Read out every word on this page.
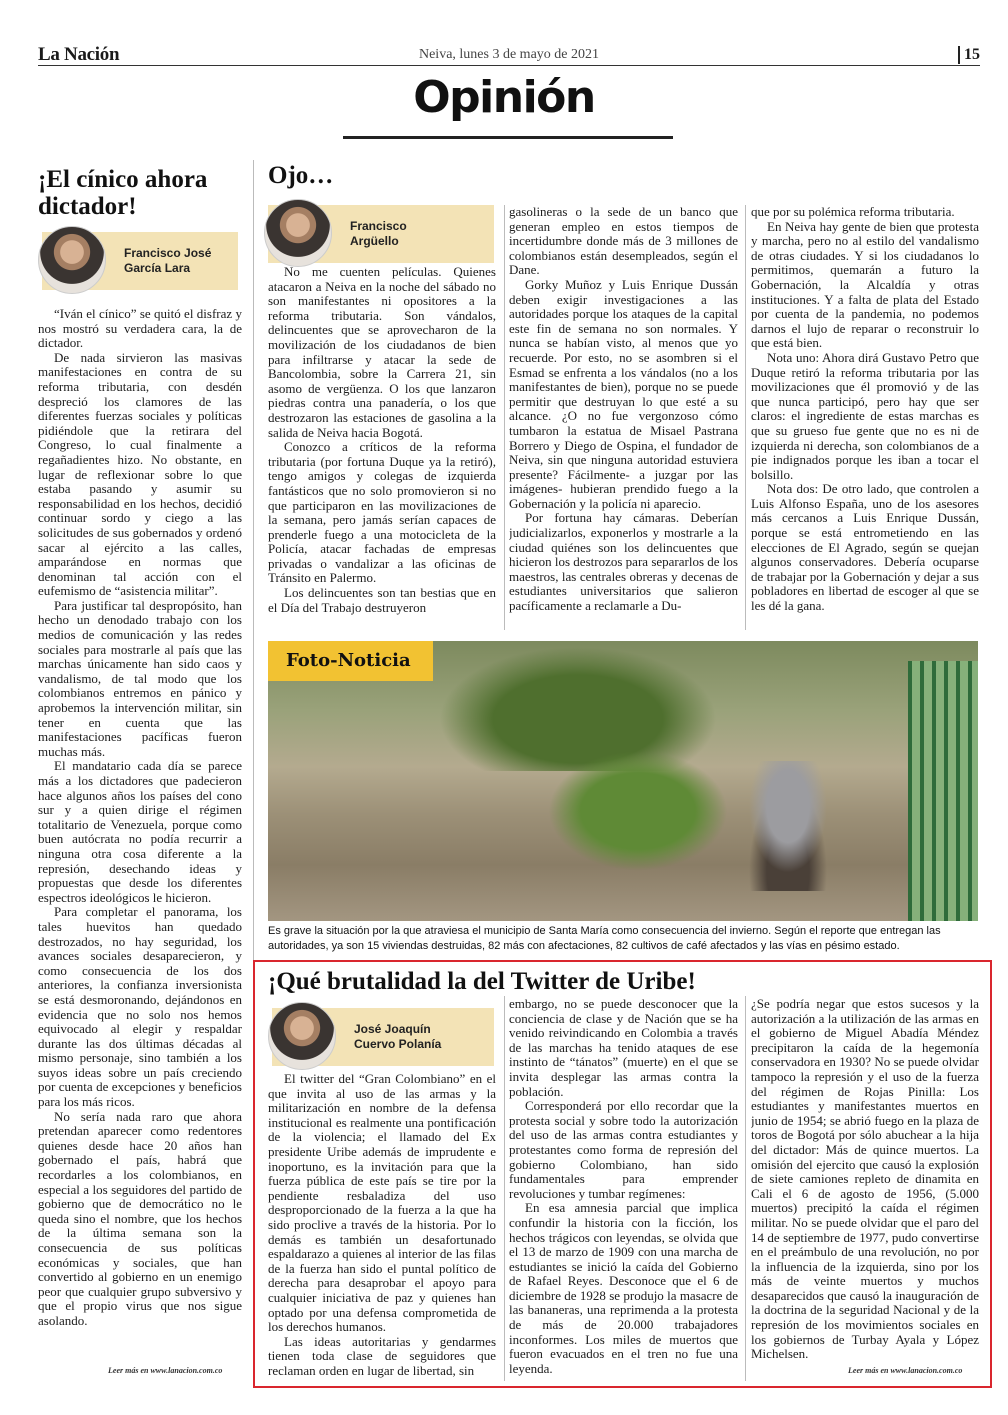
La Nación	Neiva, lunes 3 de mayo de 2021	15
Opinión
¡El cínico ahora dictador!
Francisco José
García Lara

“Iván el cínico” se quitó el disfraz y nos mostró su verdadera cara, la de dictador.

De nada sirvieron las masivas manifestaciones en contra de su reforma tributaria, con desdén despreció los clamores de las diferentes fuerzas sociales y políticas pidiéndole que la retirara del Congreso, lo cual finalmente a regañadientes hizo. No obstante, en lugar de reflexionar sobre lo que estaba pasando y asumir su responsabilidad en los hechos, decidió continuar sordo y ciego a las solicitudes de sus gobernados y ordenó sacar al ejército a las calles, amparándose en normas que denominan tal acción con el eufemismo de “asistencia militar”.

Para justificar tal despropósito, han hecho un denodado trabajo con los medios de comunicación y las redes sociales para mostrarle al país que las marchas únicamente han sido caos y vandalismo, de tal modo que los colombianos entremos en pánico y aprobemos la intervención militar, sin tener en cuenta que las manifestaciones pacíficas fueron muchas más.

El mandatario cada día se parece más a los dictadores que padecieron hace algunos años los países del cono sur y a quien dirige el régimen totalitario de Venezuela, porque como buen autócrata no podía recurrir a ninguna otra cosa diferente a la represión, desechando ideas y propuestas que desde los diferentes espectros ideológicos le hicieron.

Para completar el panorama, los tales huevitos han quedado destrozados, no hay seguridad, los avances sociales desaparecieron, y como consecuencia de los dos anteriores, la confianza inversionista se está desmoronando, dejándonos en evidencia que no solo nos hemos equivocado al elegir y respaldar durante las dos últimas décadas al mismo personaje, sino también a los suyos ideas sobre un país creciendo por cuenta de excepciones y beneficios para los más ricos.

No sería nada raro que ahora pretendan aparecer como redentores quienes desde hace 20 años han gobernado el país, habrá que recordarles a los colombianos, en especial a los seguidores del partido de gobierno que de democrático no le queda sino el nombre, que los hechos de la última semana son la consecuencia de sus políticas económicas y sociales, que han convertido al gobierno en un enemigo peor que cualquier grupo subversivo y que el propio virus que nos sigue asolando.

Leer más en www.lanacion.com.co
Ojo…
Francisco
Argüello

No me cuenten películas. Quienes atacaron a Neiva en la noche del sábado no son manifestantes ni opositores a la reforma tributaria. Son vándalos, delincuentes que se aprovecharon de la movilización de los ciudadanos de bien para infiltrarse y atacar la sede de Bancolombia, sobre la Carrera 21, sin asomo de vergüenza. O los que lanzaron piedras contra una panadería, o los que destrozaron las estaciones de gasolina a la salida de Neiva hacia Bogotá.

Conozco a críticos de la reforma tributaria (por fortuna Duque ya la retiró), tengo amigos y colegas de izquierda fantásticos que no solo promovieron si no que participaron en las movilizaciones de la semana, pero jamás serían capaces de prenderle fuego a una motocicleta de la Policía, atacar fachadas de empresas privadas o vandalizar a las oficinas de Tránsito en Palermo.

Los delincuentes son tan bestias que en el Día del Trabajo destruyeron

gasolineras o la sede de un banco que generan empleo en estos tiempos de incertidumbre donde más de 3 millones de colombianos están desempleados, según el Dane.

Gorky Muñoz y Luis Enrique Dussán deben exigir investigaciones a las autoridades porque los ataques de la capital este fin de semana no son normales. Y nunca se habían visto, al menos que yo recuerde. Por esto, no se asombren si el Esmad se enfrenta a los vándalos (no a los manifestantes de bien), porque no se puede permitir que destruyan lo que esté a su alcance. ¿O no fue vergonzoso cómo tumbaron la estatua de Misael Pastrana Borrero y Diego de Ospina, el fundador de Neiva, sin que ninguna autoridad estuviera presente? Fácilmente- a juzgar por las imágenes- hubieran prendido fuego a la Gobernación y la policía ni aparecio.

Por fortuna hay cámaras. Deberían judicializarlos, exponerlos y mostrarle a la ciudad quiénes son los delincuentes que hicieron los destrozos para separarlos de los maestros, las centrales obreras y decenas de estudiantes universitarios que salieron pacíficamente a reclamarle a Du-

que por su polémica reforma tributaria.

En Neiva hay gente de bien que protesta y marcha, pero no al estilo del vandalismo de otras ciudades. Y si los ciudadanos lo permitimos, quemarán a futuro la Gobernación, la Alcaldía y otras instituciones. Y a falta de plata del Estado por cuenta de la pandemia, no podemos darnos el lujo de reparar o reconstruir lo que está bien.

Nota uno: Ahora dirá Gustavo Petro que Duque retiró la reforma tributaria por las movilizaciones que él promovió y de las que nunca participó, pero hay que ser claros: el ingrediente de estas marchas es que su grueso fue gente que no es ni de izquierda ni derecha, son colombianos de a pie indignados porque les iban a tocar el bolsillo.

Nota dos: De otro lado, que controlen a Luis Alfonso España, uno de los asesores más cercanos a Luis Enrique Dussán, porque se está entrometiendo en las elecciones de El Agrado, según se quejan algunos conservadores. Debería ocuparse de trabajar por la Gobernación y dejar a sus pobladores en libertad de escoger al que se les dé la gana.

Foto-Noticia
Es grave la situación por la que atraviesa el municipio de Santa María como consecuencia del invierno. Según el reporte que entregan las autoridades, ya son 15 viviendas destruidas, 82 más con afectaciones, 82 cultivos de café afectados y las vías en pésimo estado.
¡Qué brutalidad la del Twitter de Uribe!
José Joaquín
Cuervo Polanía

El twitter del “Gran Colombiano” en el que invita al uso de las armas y la militarización en nombre de la defensa institucional es realmente una pontificación de la violencia; el llamado del Ex presidente Uribe además de imprudente e inoportuno, es la invitación para que la fuerza pública de este país se tire por la pendiente resbaladiza del uso desproporcionado de la fuerza a la que ha sido proclive a través de la historia. Por lo demás es también un desafortunado espaldarazo a quienes al interior de las filas de la fuerza han sido el puntal político de derecha para desaprobar el apoyo para cualquier iniciativa de paz y quienes han optado por una defensa comprometida de los derechos humanos.

Las ideas autoritarias y gendarmes tienen toda clase de seguidores que reclaman orden en lugar de libertad, sin

embargo, no se puede desconocer que la conciencia de clase y de Nación que se ha venido reivindicando en Colombia a través de las marchas ha tenido ataques de ese instinto de “tánatos” (muerte) en el que se invita desplegar las armas contra la población.

Corresponderá por ello recordar que la protesta social y sobre todo la autorización del uso de las armas contra estudiantes y protestantes como forma de represión del gobierno Colombiano, han sido fundamentales para emprender revoluciones y tumbar regímenes:

En esa amnesia parcial que implica confundir la historia con la ficción, los hechos trágicos con leyendas, se olvida que el 13 de marzo de 1909 con una marcha de estudiantes se inició la caída del Gobierno de Rafael Reyes. Desconoce que el 6 de diciembre de 1928 se produjo la masacre de las bananeras, una reprimenda a la protesta de más de 20.000 trabajadores inconformes. Los miles de muertos que fueron evacuados en el tren no fue una leyenda.

¿Se podría negar que estos sucesos y la autorización a la utilización de las armas en el gobierno de Miguel Abadía Méndez precipitaron la caída de la hegemonía conservadora en 1930? No se puede olvidar tampoco la represión y el uso de la fuerza del régimen de Rojas Pinilla: Los estudiantes y manifestantes muertos en junio de 1954; se abrió fuego en la plaza de toros de Bogotá por sólo abuchear a la hija del dictador: Más de quince muertos. La omisión del ejercito que causó la explosión de siete camiones repleto de dinamita en Cali el 6 de agosto de 1956, (5.000 muertos) precipitó la caída el régimen militar. No se puede olvidar que el paro del 14 de septiembre de 1977, pudo convertirse en el preámbulo de una revolución, no por la influencia de la izquierda, sino por los más de veinte muertos y muchos desaparecidos que causó la inauguración de la doctrina de la seguridad Nacional y de la represión de los movimientos sociales en los gobiernos de Turbay Ayala y López Michelsen.

Leer más en www.lanacion.com.co
